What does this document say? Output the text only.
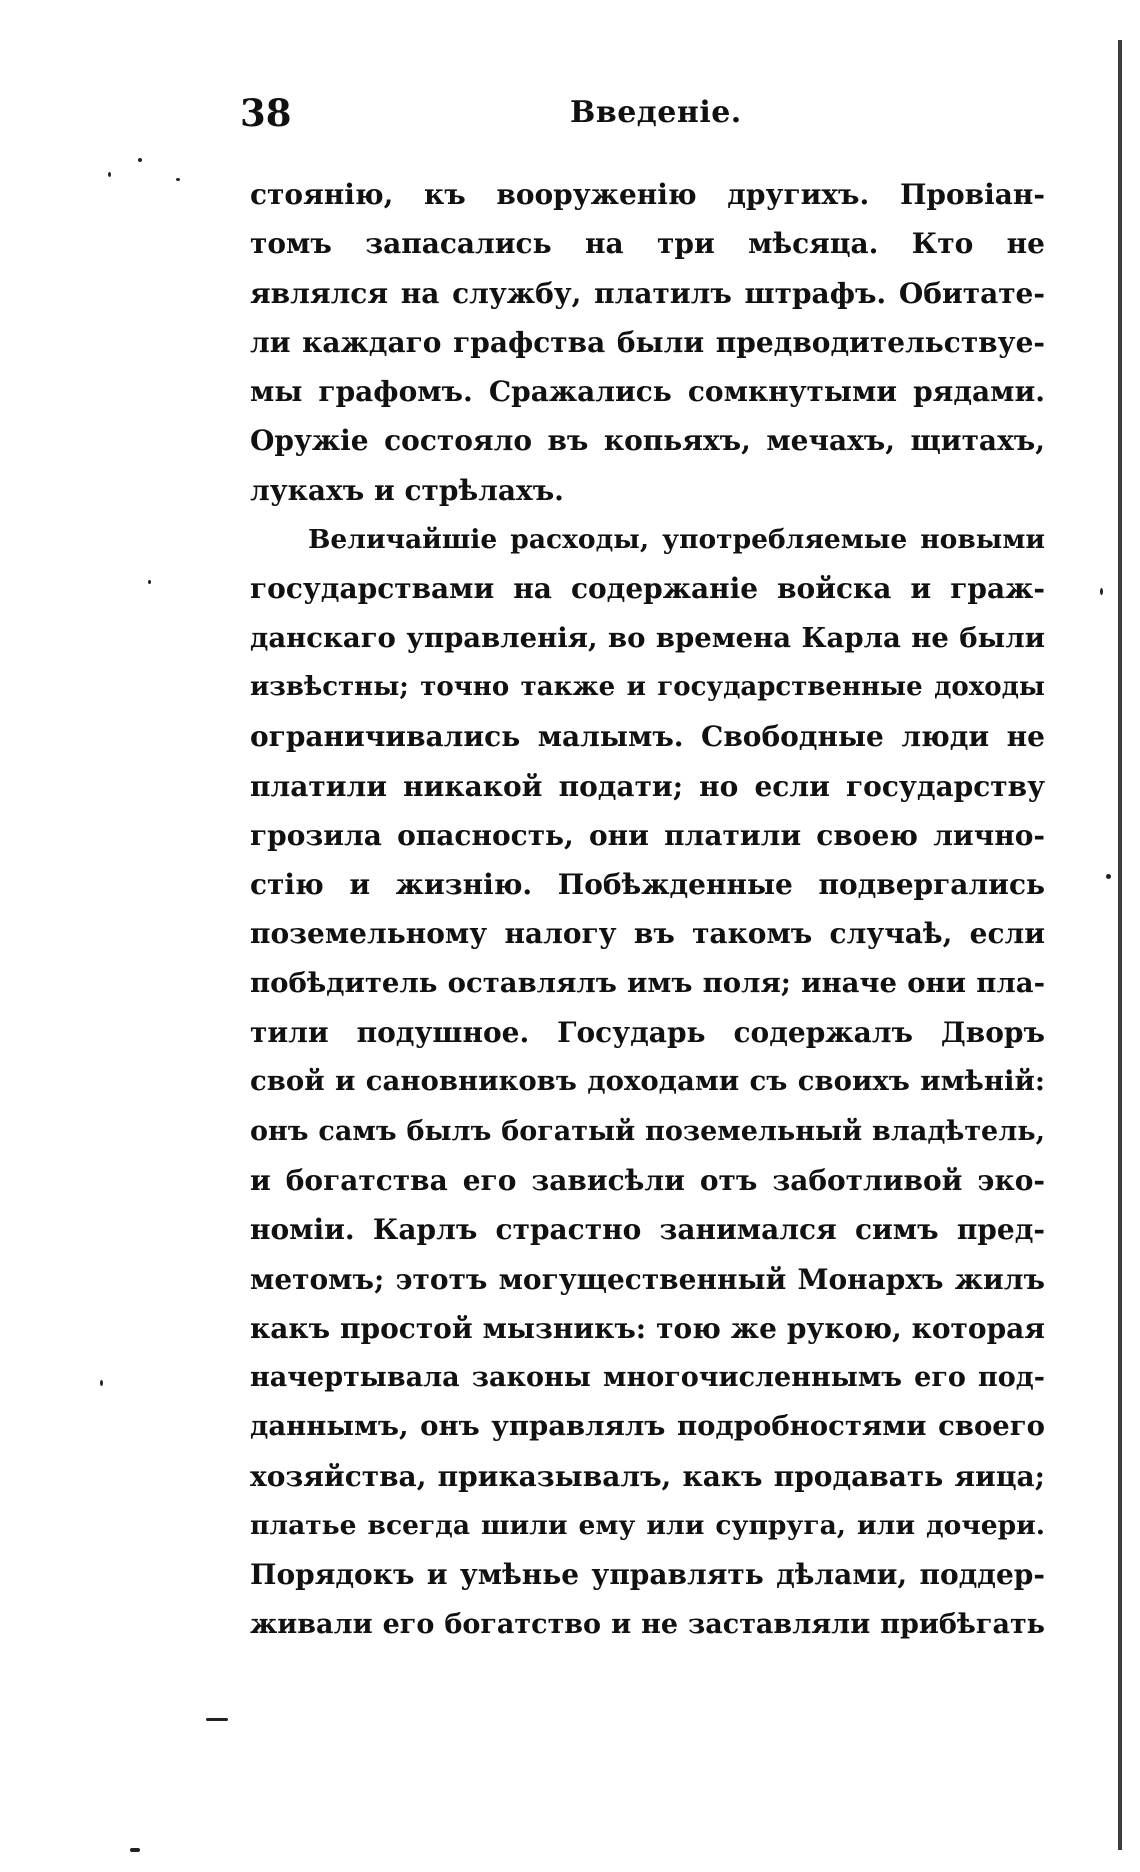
38	Введеніе.
стоянію, къ вооруженію другихъ. Провіан-
томъ запасались на три мѣсяца. Кто не
являлся на службу, платилъ штрафъ. Обитате-
ли каждаго графства были предводительствуе-
мы графомъ. Сражались сомкнутыми рядами.
Оружіе состояло въ копьяхъ, мечахъ, щитахъ,
лукахъ и стрѣлахъ.
Величайшіе расходы, употребляемые новыми
государствами на содержаніе войска и граж-
данскаго управленія, во времена Карла не были
извѣстны; точно также и государственные доходы
ограничивались малымъ. Свободные люди не
платили никакой подати; но если государству
грозила опасность, они платили своею лично-
стію и жизнію. Побѣжденные подвергались
поземельному налогу въ такомъ случаѣ, если
побѣдитель оставлялъ имъ поля; иначе они пла-
тили подушное. Государь содержалъ Дворъ
свой и сановниковъ доходами съ своихъ имѣній:
онъ самъ былъ богатый поземельный владѣтель,
и богатства его зависѣли отъ заботливой эко-
номіи. Карлъ страстно занимался симъ пред-
метомъ; этотъ могущественный Монархъ жилъ
какъ простой мызникъ: тою же рукою, которая
начертывала законы многочисленнымъ его под-
даннымъ, онъ управлялъ подробностями своего
хозяйства, приказывалъ, какъ продавать яица;
платье всегда шили ему или супруга, или дочери.
Порядокъ и умѣнье управлять дѣлами, поддер-
живали его богатство и не заставляли прибѣгать
